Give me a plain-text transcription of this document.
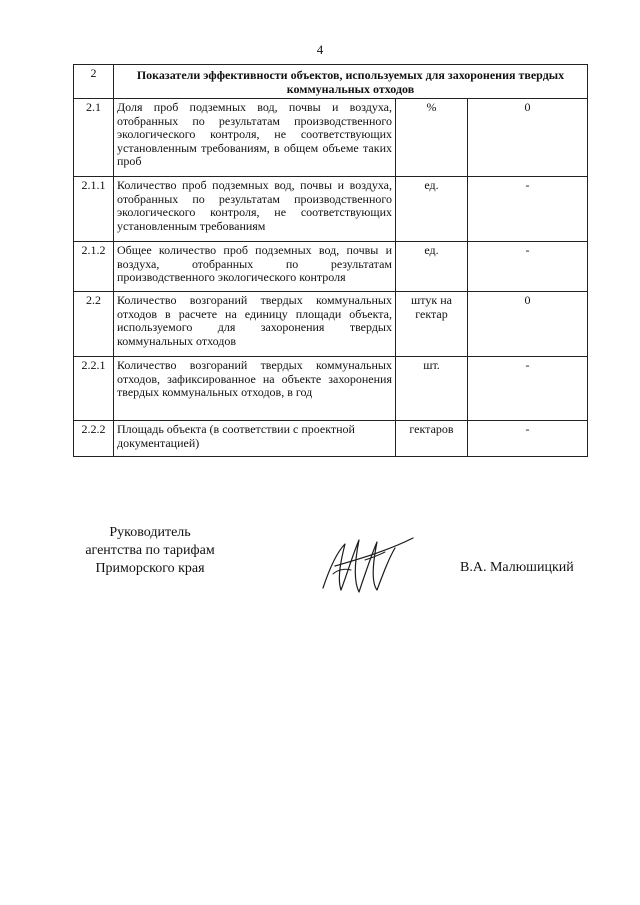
4
2	Показатели эффективности объектов, используемых для захоронения твердых коммунальных отходов		
2.1	Доля проб подземных вод, почвы и воздуха, отобранных по результатам производственного экологического контроля, не соответствующих установленным требованиям, в общем объеме таких проб	%	0
2.1.1	Количество проб подземных вод, почвы и воздуха, отобранных по результатам производственного экологического контроля, не соответствующих установленным требованиям	ед.	-
2.1.2	Общее количество проб подземных вод, почвы и воздуха, отобранных по результатам производственного экологического контроля	ед.	-
2.2	Количество возгораний твердых коммунальных отходов в расчете на единицу площади объекта, используемого для захоронения твердых коммунальных отходов	штук на гектар	0
2.2.1	Количество возгораний твердых коммунальных отходов, зафиксированное на объекте захоронения твердых коммунальных отходов, в год	шт.	-
2.2.2	Площадь объекта (в соответствии с проектной документацией)	гектаров	-
Руководитель
агентства по тарифам
Приморского края	В.А. Малюшицкий
